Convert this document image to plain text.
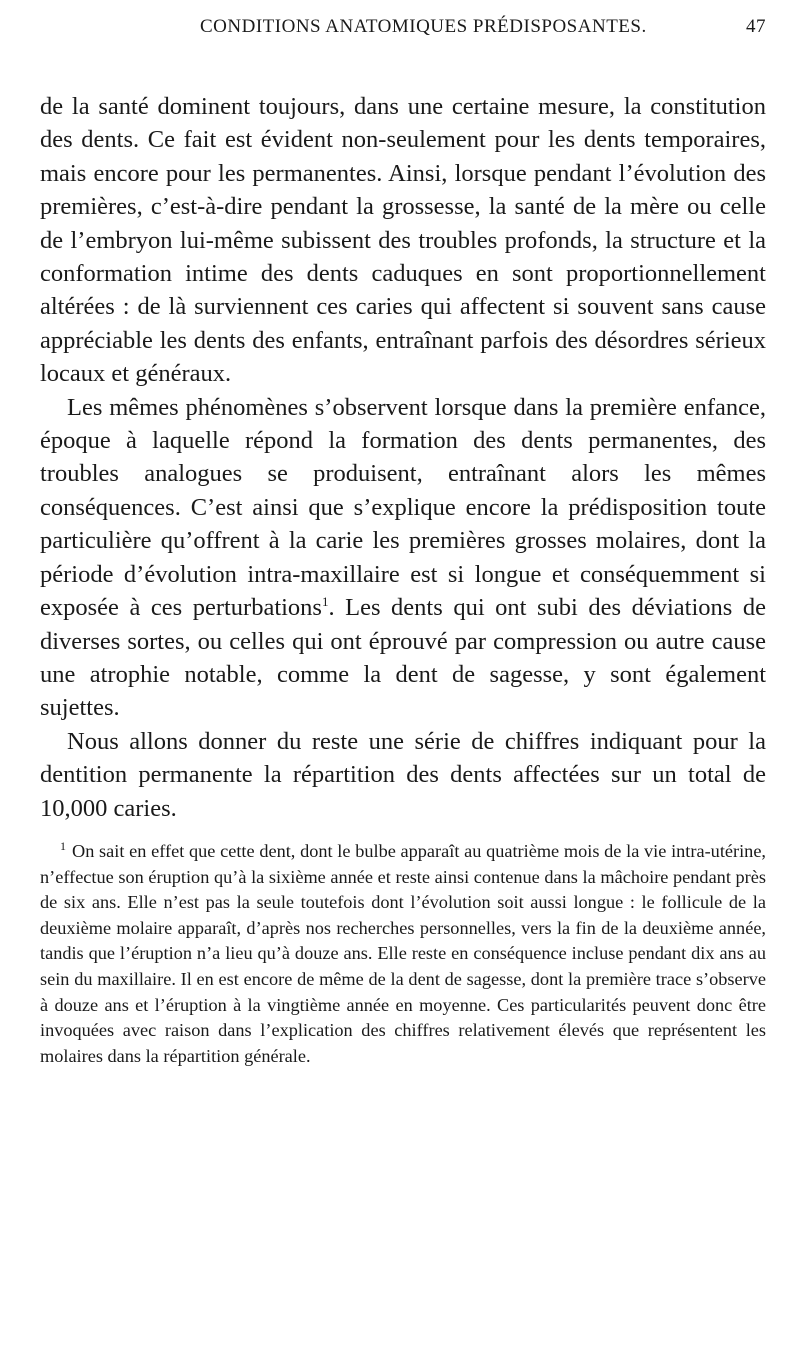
CONDITIONS ANATOMIQUES PRÉDISPOSANTES.	47

de la santé dominent toujours, dans une certaine mesure, la constitution des dents. Ce fait est évident non-seulement pour les dents temporaires, mais encore pour les permanentes. Ainsi, lorsque pendant l’évolution des premières, c’est-à-dire pendant la grossesse, la santé de la mère ou celle de l’embryon lui-même subissent des troubles profonds, la structure et la conformation intime des dents caduques en sont proportionnellement altérées : de là surviennent ces caries qui affectent si souvent sans cause appréciable les dents des enfants, entraînant parfois des désordres sérieux locaux et généraux.

Les mêmes phénomènes s’observent lorsque dans la première enfance, époque à laquelle répond la formation des dents permanentes, des troubles analogues se produisent, entraînant alors les mêmes conséquences. C’est ainsi que s’explique encore la prédisposition toute particulière qu’offrent à la carie les premières grosses molaires, dont la période d’évolution intra-maxillaire est si longue et conséquemment si exposée à ces perturbations$^1$. Les dents qui ont subi des déviations de diverses sortes, ou celles qui ont éprouvé par compression ou autre cause une atrophie notable, comme la dent de sagesse, y sont également sujettes.

Nous allons donner du reste une série de chiffres indiquant pour la dentition permanente la répartition des dents affectées sur un total de 10,000 caries.

$^1$ On sait en effet que cette dent, dont le bulbe apparaît au quatrième mois de la vie intra-utérine, n’effectue son éruption qu’à la sixième année et reste ainsi contenue dans la mâchoire pendant près de six ans. Elle n’est pas la seule toutefois dont l’évolution soit aussi longue : le follicule de la deuxième molaire apparaît, d’après nos recherches personnelles, vers la fin de la deuxième année, tandis que l’éruption n’a lieu qu’à douze ans. Elle reste en conséquence incluse pendant dix ans au sein du maxillaire. Il en est encore de même de la dent de sagesse, dont la première trace s’observe à douze ans et l’éruption à la vingtième année en moyenne. Ces particularités peuvent donc être invoquées avec raison dans l’explication des chiffres relativement élevés que représentent les molaires dans la répartition générale.
